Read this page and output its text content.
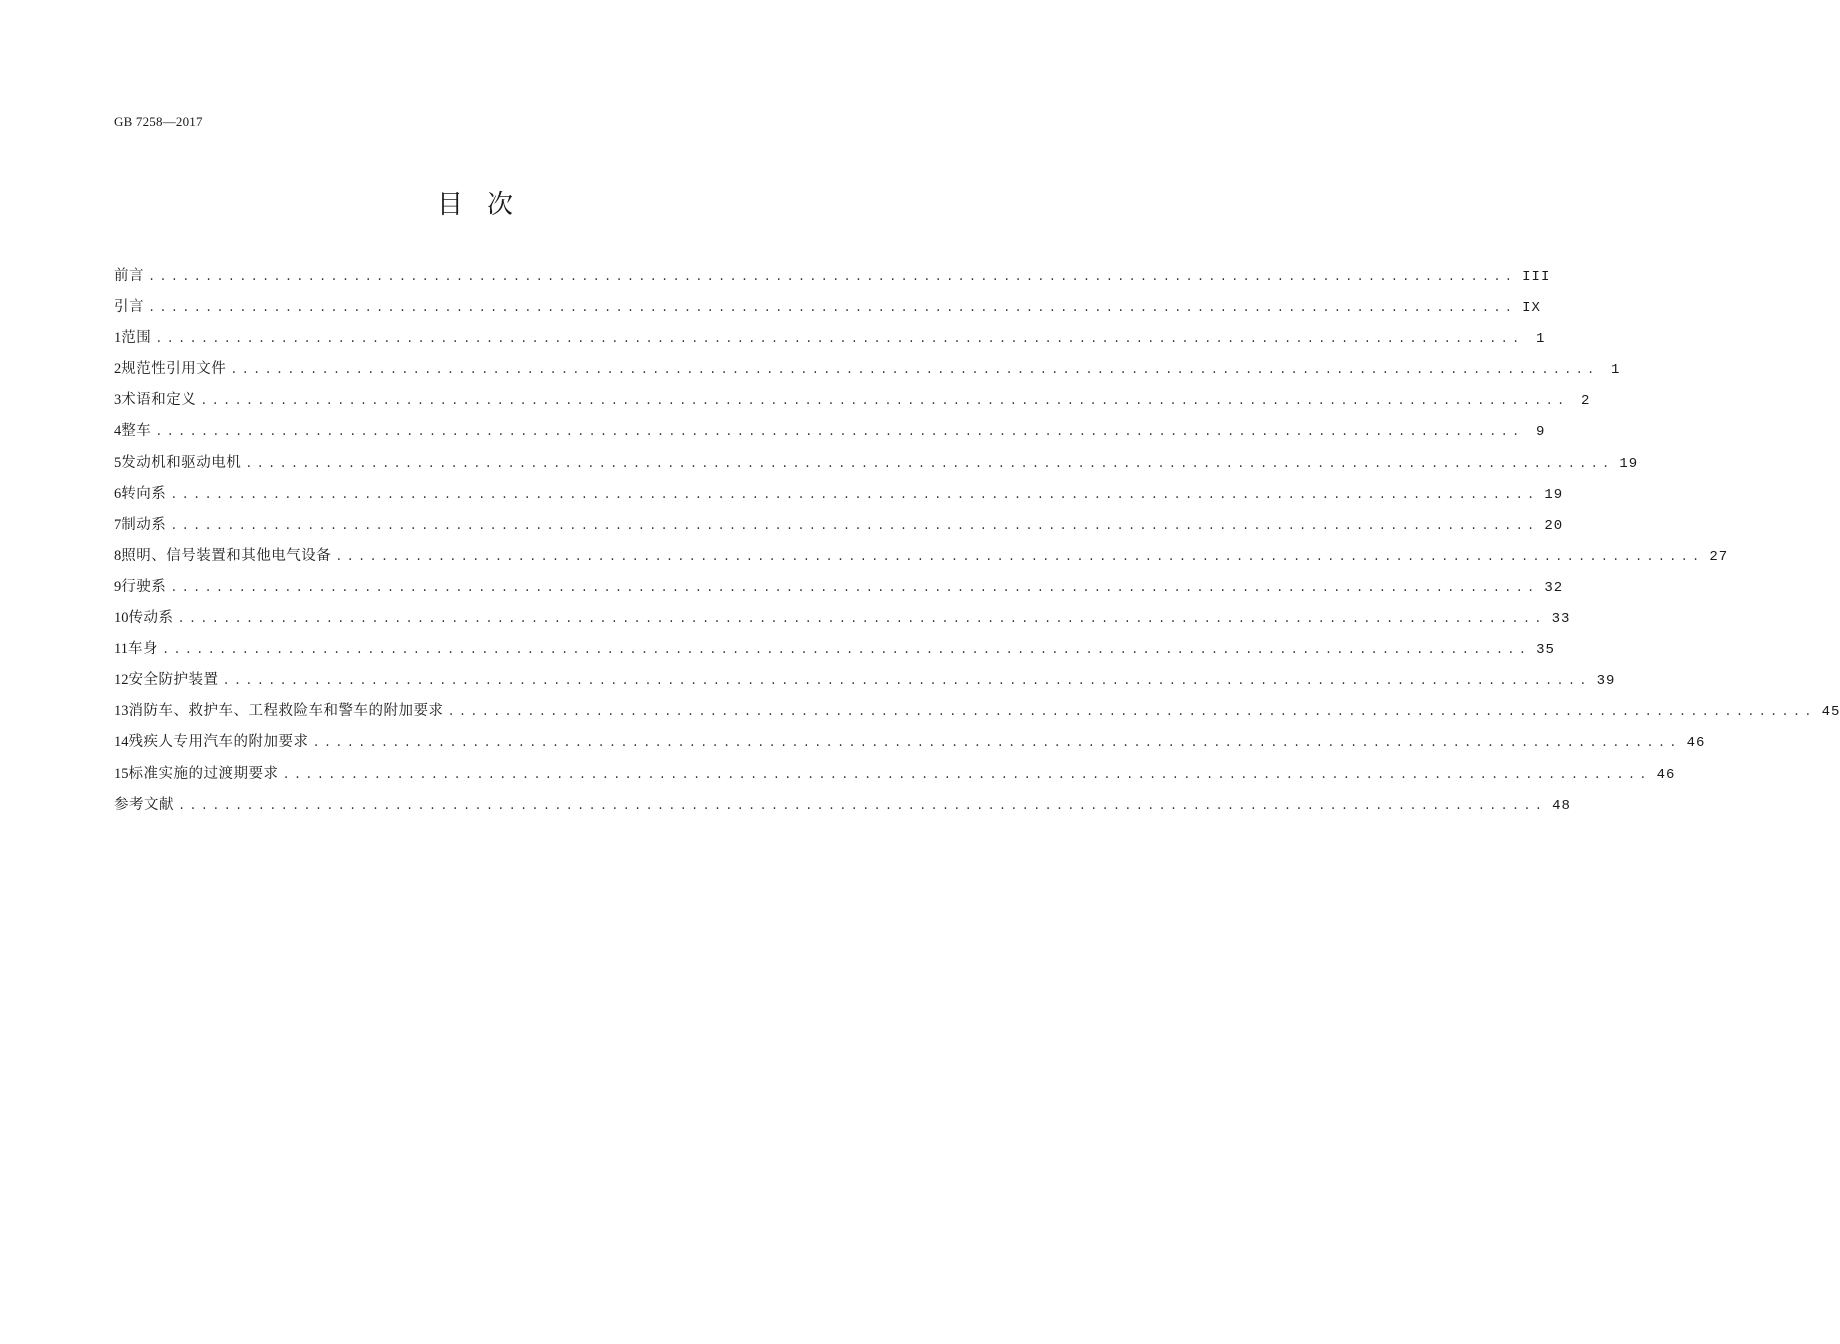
GB 7258—2017
目次
前言 ........................................................................................................................ III
引言 ........................................................................................................................ IX
1 范围 ........................................................................................................................ 1
2 规范性引用文件 ........................................................................................................................ 1
3 术语和定义 ........................................................................................................................ 2
4 整车 ........................................................................................................................ 9
5 发动机和驱动电机 ........................................................................................................................ 19
6 转向系 ........................................................................................................................ 19
7 制动系 ........................................................................................................................ 20
8 照明、信号装置和其他电气设备 ........................................................................................................................ 27
9 行驶系 ........................................................................................................................ 32
10 传动系 ........................................................................................................................ 33
11 车身 ........................................................................................................................ 35
12 安全防护装置 ........................................................................................................................ 39
13 消防车、救护车、工程救险车和警车的附加要求 ........................................................................................................................ 45
14 残疾人专用汽车的附加要求 ........................................................................................................................ 46
15 标准实施的过渡期要求 ........................................................................................................................ 46
参考文献 ........................................................................................................................ 48
